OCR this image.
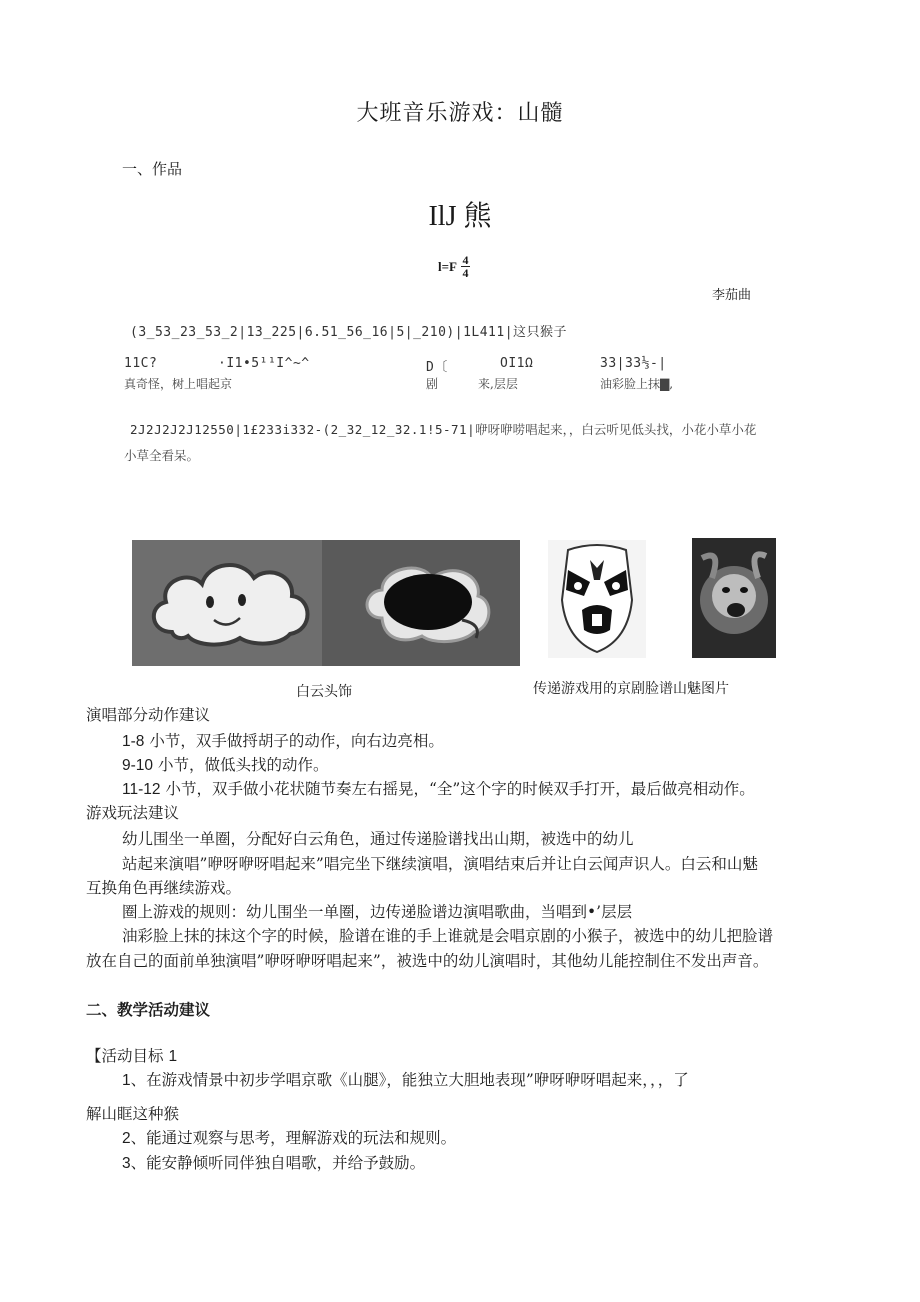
大班音乐游戏：山髓
一、作品
IlJ 熊
l=F 4
4
李茄曲
(3_53_23_53_2|13_225|6.51_56_16|5|_210)|1L411|这只猴子
11C?	·I1•5¹¹I^~^	D〔	OI1Ω	33|33⅓-|
真奇怪，树上唱起京	剧	来,层层	油彩脸上抹▇,
2J2J2J2J12550|1£233i332-(2_32_12_32.1!5-71| 咿呀咿唠唱起来，，白云听见低头找，小花小草小花
小草全看呆。
白云头饰	传递游戏用的京剧脸谱山魅图片
演唱部分动作建议
1-8 小节，双手做捋胡子的动作，向右边亮相。
9-10 小节，做低头找的动作。
11-12 小节，双手做小花状随节奏左右摇晃，“全”这个字的时候双手打开，最后做亮相动作。
游戏玩法建议
幼儿围坐一单圈，分配好白云角色，通过传递脸谱找出山期，被选中的幼儿
站起来演唱”咿呀咿呀唱起来”唱完坐下继续演唱，演唱结束后并让白云闻声识人。白云和山魅
互换角色再继续游戏。
圈上游戏的规则：幼儿围坐一单圈，边传递脸谱边演唱歌曲，当唱到•’层层
油彩脸上抹的抹这个字的时候，脸谱在谁的手上谁就是会唱京剧的小猴子，被选中的幼儿把脸谱
放在自己的面前单独演唱”咿呀咿呀唱起来”，被选中的幼儿演唱时，其他幼儿能控制住不发出声音。
二、教学活动建议
【活动目标 1
1、在游戏情景中初步学唱京歌《山腿》，能独立大胆地表现”咿呀咿呀唱起来，，，了
解山眶这种猴
2、能通过观察与思考，理解游戏的玩法和规则。
3、能安静倾听同伴独自唱歌，并给予鼓励。
